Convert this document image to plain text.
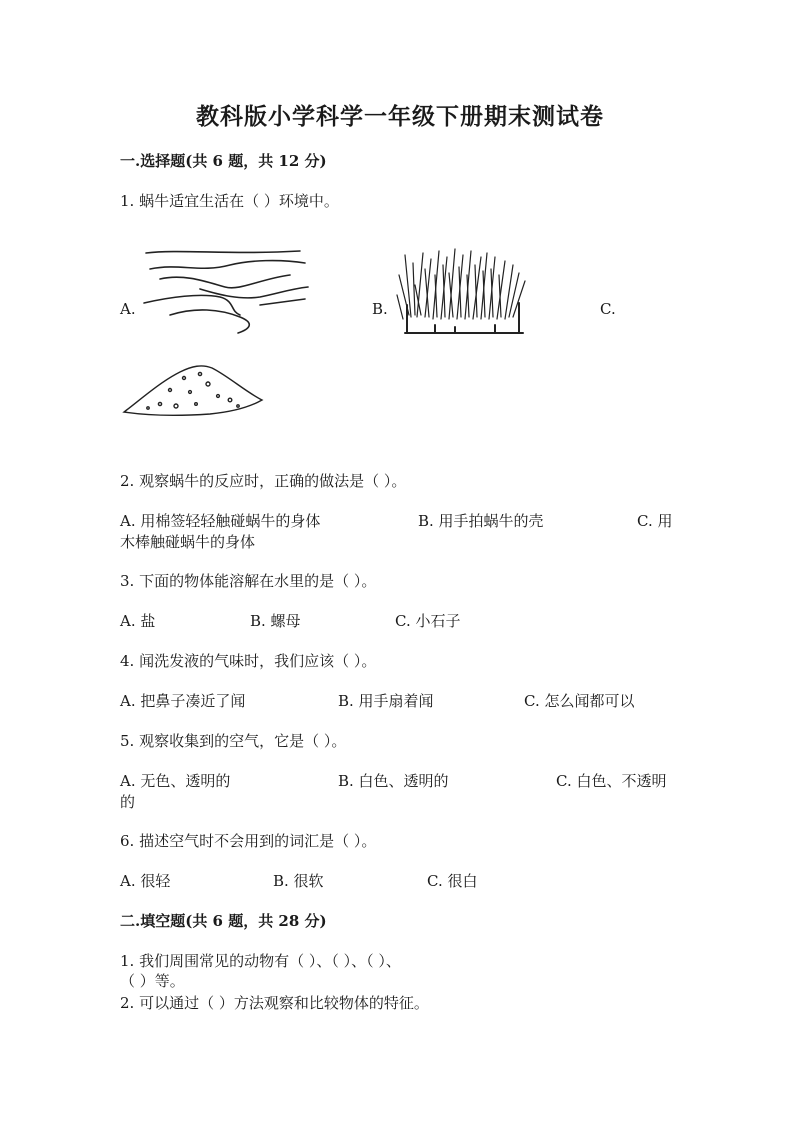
教科版小学科学一年级下册期末测试卷
一.选择题(共 6 题，共 12 分)
1. 蜗牛适宜生活在（ ）环境中。
A.	B.	C.
2. 观察蜗牛的反应时，正确的做法是（ ）。
A. 用棉签轻轻触碰蜗牛的身体	B. 用手拍蜗牛的壳	C. 用
木棒触碰蜗牛的身体
3. 下面的物体能溶解在水里的是（ ）。
A. 盐	B. 螺母	C. 小石子
4. 闻洗发液的气味时，我们应该（ ）。
A. 把鼻子凑近了闻	B. 用手扇着闻	C. 怎么闻都可以
5. 观察收集到的空气，它是（ ）。
A. 无色、透明的	B. 白色、透明的	C. 白色、不透明
的
6. 描述空气时不会用到的词汇是（ ）。
A. 很轻	B. 很软	C. 很白
二.填空题(共 6 题，共 28 分)
1. 我们周围常见的动物有（ ）、（ ）、（ ）、
（ ）等。
2. 可以通过（ ）方法观察和比较物体的特征。
